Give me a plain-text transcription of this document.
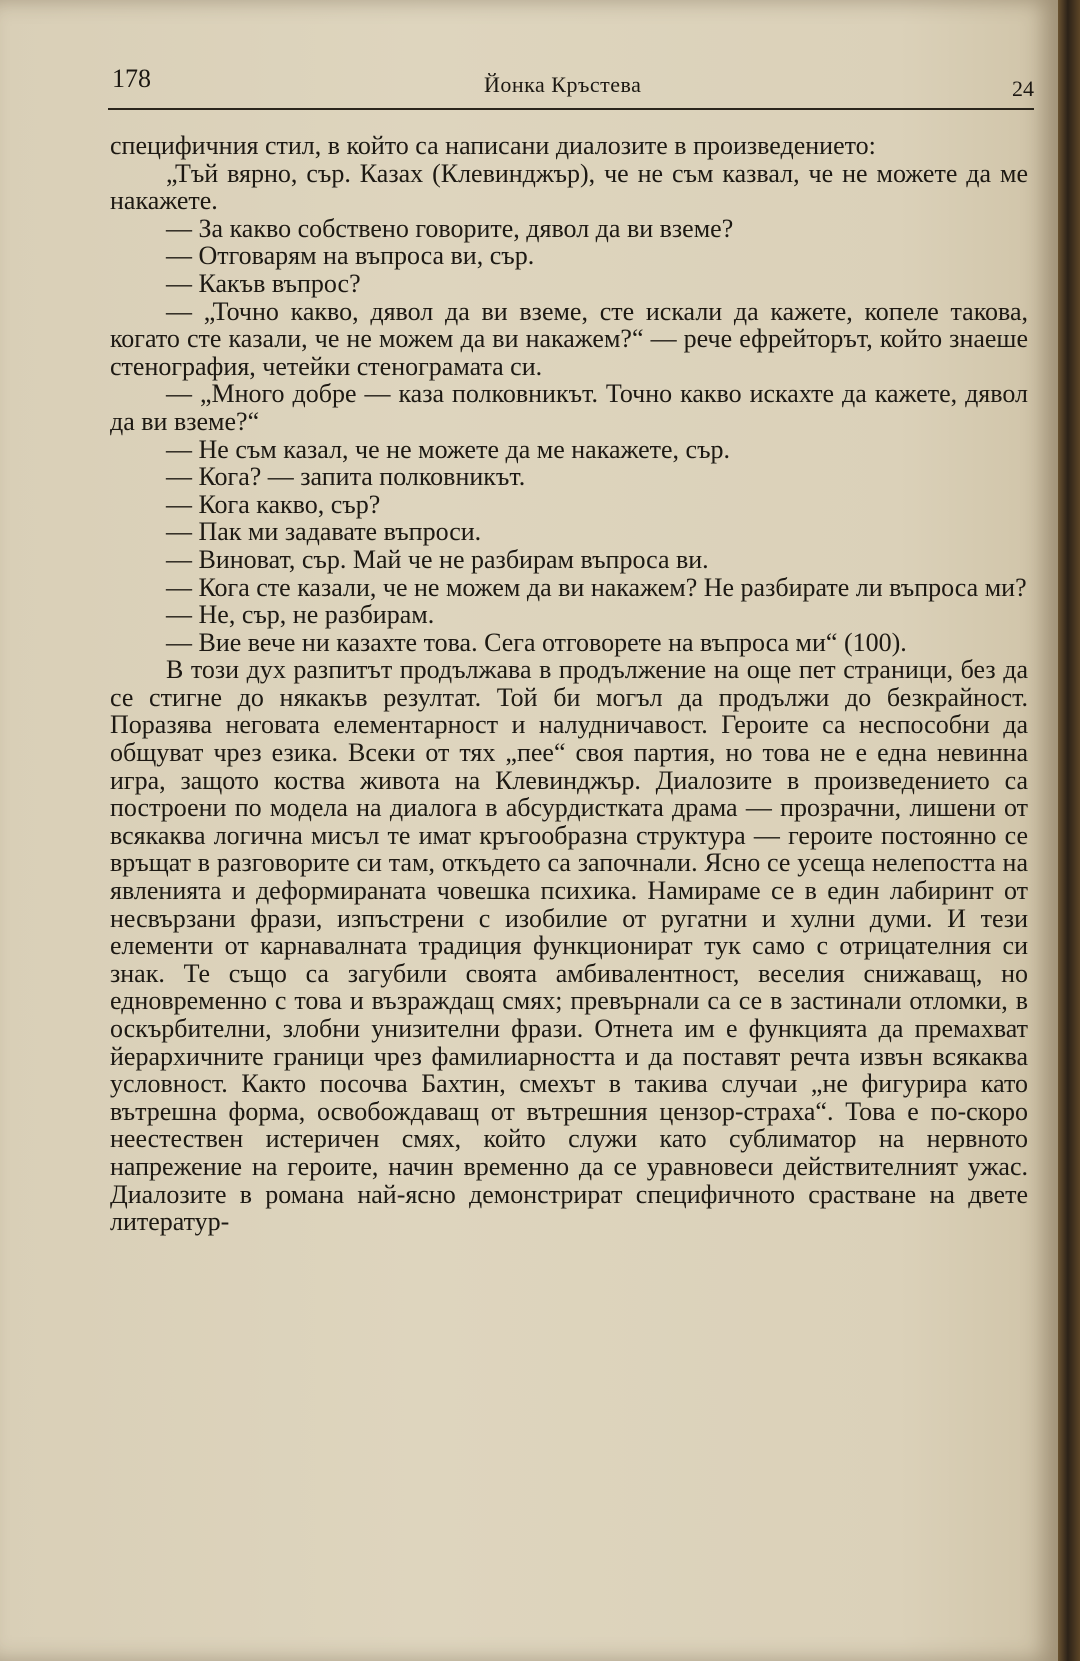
178	Йонка Кръстева	24

специфичния стил, в който са написани диалозите в произведението:

„Тъй вярно, сър. Казах (Клевинджър), че не съм казвал, че не можете да ме накажете.

— За какво собствено говорите, дявол да ви вземе?

— Отговарям на въпроса ви, сър.

— Какъв въпрос?

— „Точно какво, дявол да ви вземе, сте искали да кажете, копеле такова, когато сте казали, че не можем да ви накажем?“ — рече ефрейторът, който знаеше стенография, четейки стенограмата си.

— „Много добре — каза полковникът. Точно какво искахте да кажете, дявол да ви вземе?“

— Не съм казал, че не можете да ме накажете, сър.

— Кога? — запита полковникът.

— Кога какво, сър?

— Пак ми задавате въпроси.

— Виноват, сър. Май че не разбирам въпроса ви.

— Кога сте казали, че не можем да ви накажем? Не разбирате ли въпроса ми?

— Не, сър, не разбирам.

— Вие вече ни казахте това. Сега отговорете на въпроса ми“ (100).

В този дух разпитът продължава в продължение на още пет страници, без да се стигне до някакъв резултат. Той би могъл да продължи до безкрайност. Поразява неговата елементарност и налудничавост. Героите са неспособни да общуват чрез езика. Всеки от тях „пее“ своя партия, но това не е една невинна игра, защото коства живота на Клевинджър. Диалозите в произведението са построени по модела на диалога в абсурдистката драма — прозрачни, лишени от всякаква логична мисъл те имат кръгообразна структура — героите постоянно се връщат в разговорите си там, откъдето са започнали. Ясно се усеща нелепостта на явленията и деформираната човешка психика. Намираме се в един лабиринт от несвързани фрази, изпъстрени с изобилие от ругатни и хулни думи. И тези елементи от карнавалната традиция функционират тук само с отрицателния си знак. Те също са загубили своята амбивалентност, веселия снижаващ, но едновременно с това и възраждащ смях; превърнали са се в застинали отломки, в оскърбителни, злобни унизителни фрази. Отнета им е функцията да премахват йерархичните граници чрез фамилиарността и да поставят речта извън всякаква условност. Както посочва Бахтин, смехът в такива случаи „не фигурира като вътрешна форма, освобождаващ от вътрешния цензор-страха“. Това е по-скоро неестествен истеричен смях, който служи като сублиматор на нервното напрежение на героите, начин временно да се уравновеси действителният ужас. Диалозите в романа най-ясно демонстрират специфичното срастване на двете литератур-
